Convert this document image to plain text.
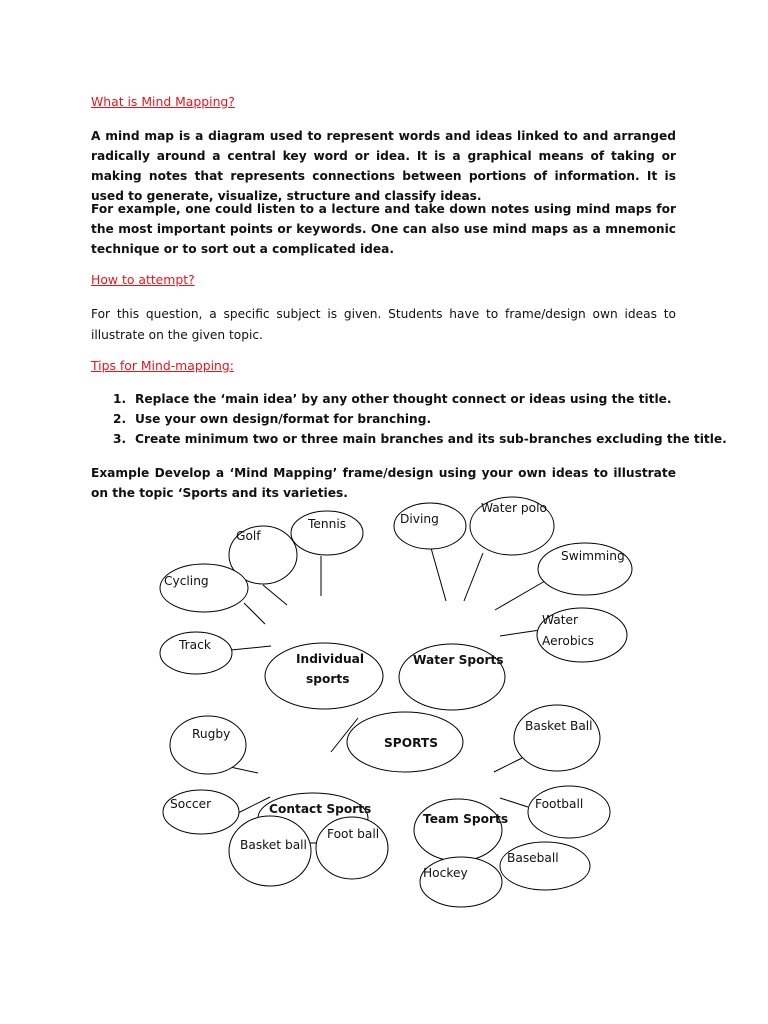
What is Mind Mapping?

A mind map is a diagram used to represent words and ideas linked to and arranged radically around a central key word or idea. It is a graphical means of taking or making notes that represents connections between portions of information. It is used to generate, visualize, structure and classify ideas.

For example, one could listen to a lecture and take down notes using mind maps for the most important points or keywords. One can also use mind maps as a mnemonic technique or to sort out a complicated idea.

How to attempt?

For this question, a specific subject is given. Students have to frame/design own ideas to illustrate on the given topic.

Tips for Mind-mapping:
1. Replace the ‘main idea’ by any other thought connect or ideas using the title.
2. Use your own design/format for branching.
3. Create minimum two or three main branches and its sub-branches excluding the title.

Example Develop a ‘Mind Mapping’ frame/design using your own ideas to illustrate on the topic ‘Sports and its varieties.

SPORTS
Individual
sports
Water Sports
Contact Sports
Team Sports
Golf
Tennis
Cycling
Track
Diving
Water polo
Swimming
Water
Aerobics
Rugby
Soccer
Basket ball
Foot ball
Basket Ball
Football
Baseball
Hockey
